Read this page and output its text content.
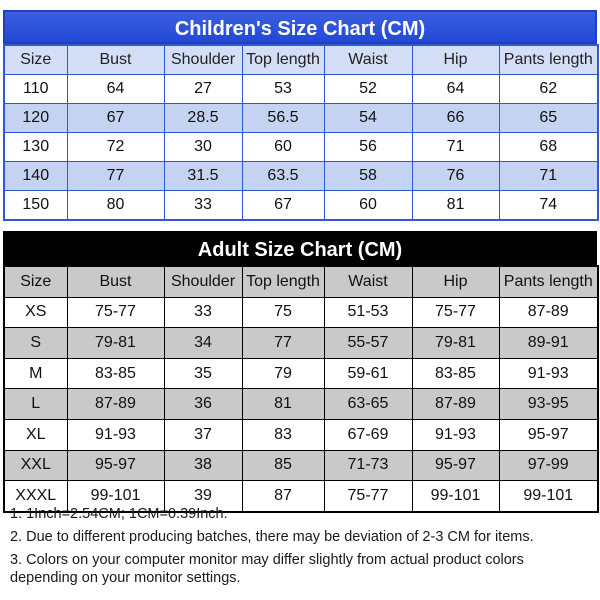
Children's Size Chart (CM)
Size	Bust	Shoulder	Top length	Waist	Hip	Pants length
110	64	27	53	52	64	62
120	67	28.5	56.5	54	66	65
130	72	30	60	56	71	68
140	77	31.5	63.5	58	76	71
150	80	33	67	60	81	74
Adult Size Chart (CM)
Size	Bust	Shoulder	Top length	Waist	Hip	Pants length
XS	75-77	33	75	51-53	75-77	87-89
S	79-81	34	77	55-57	79-81	89-91
M	83-85	35	79	59-61	83-85	91-93
L	87-89	36	81	63-65	87-89	93-95
XL	91-93	37	83	67-69	91-93	95-97
XXL	95-97	38	85	71-73	95-97	97-99
XXXL	99-101	39	87	75-77	99-101	99-101
1. 1Inch=2.54CM; 1CM=0.39Inch.
2. Due to different producing batches, there may be deviation of 2-3 CM for items.
3. Colors on your computer monitor may differ slightly from actual product colors depending on your monitor settings.
